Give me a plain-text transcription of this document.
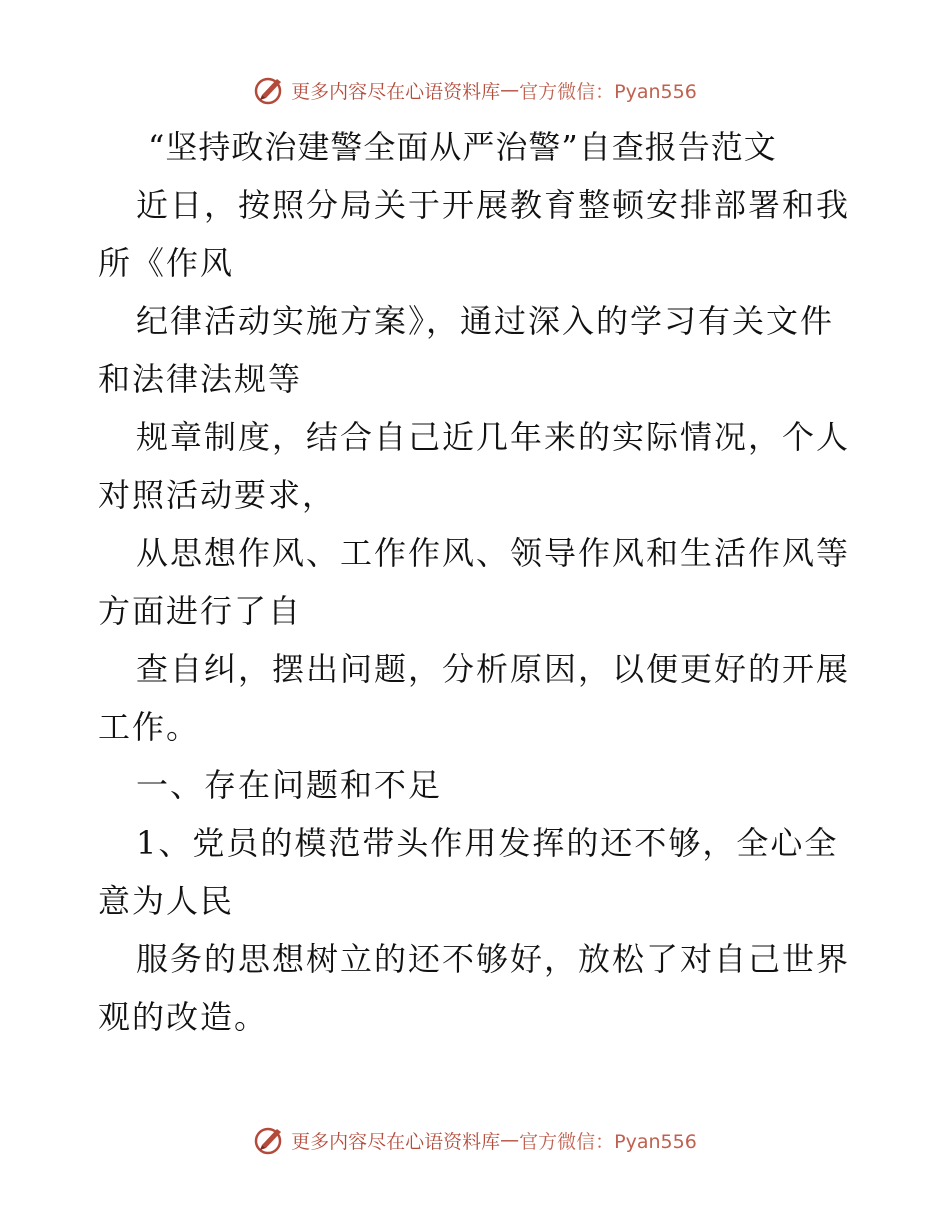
更多内容尽在心语资料库 — 官方微信：Pyan556
“坚持政治建警全面从严治警”自查报告范文

近日，按照分局关于开展教育整顿安排部署和我
所《作风

纪律活动实施方案》，通过深入的学习有关文件
和法律法规等

规章制度，结合自己近几年来的实际情况，个人
对照活动要求，

从思想作风、工作作风、领导作风和生活作风等
方面进行了自

查自纠，摆出问题，分析原因，以便更好的开展
工作。

一、存在问题和不足

1、党员的模范带头作用发挥的还不够，全心全
意为人民

服务的思想树立的还不够好，放松了对自己世界
观的改造。

更多内容尽在心语资料库 — 官方微信：Pyan556
